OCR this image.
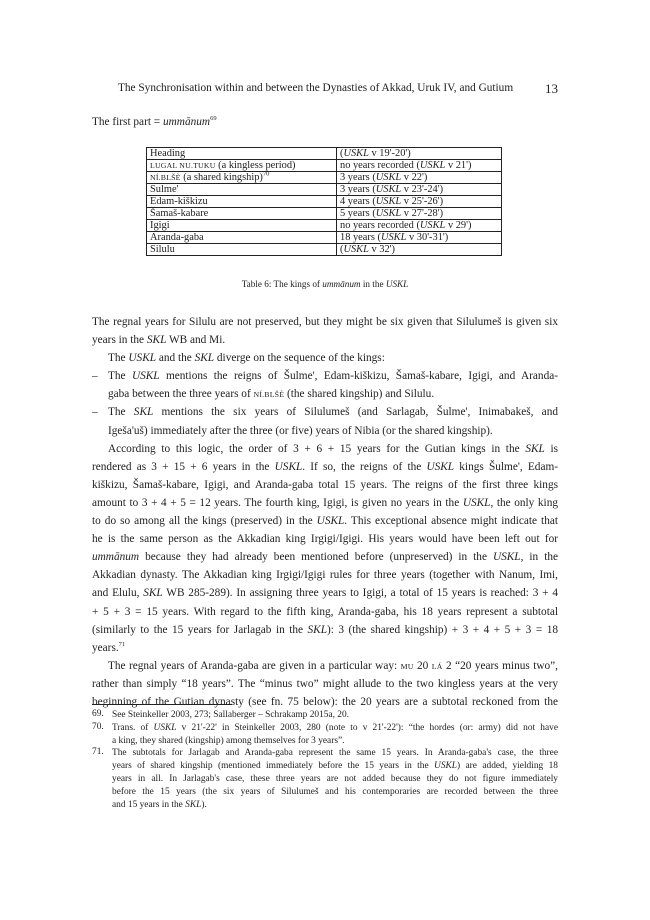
The Synchronisation within and between the Dynasties of Akkad, Uruk IV, and Gutium 13
The first part = ummānum$^{69}$
Heading	(USKL v 19'-20')
LUGAL NU.TUKU (a kingless period)	no years recorded (USKL v 21')
NÍ.BLŠÈ (a shared kingship)$^{70}$	3 years (USKL v 22')
Sulme'	3 years (USKL v 23'-24')
Edam-kiškizu	4 years (USKL v 25'-26')
Šamaš-kabare	5 years (USKL v 27'-28')
Igigi	no years recorded (USKL v 29')
Aranda-gaba	18 years (USKL v 30'-31')
Silulu	(USKL v 32')
Table 6: The kings of ummānum in the USKL
The regnal years for Silulu are not preserved, but they might be six given that Silulumeš is given six
years in the SKL WB and Mi.
The USKL and the SKL diverge on the sequence of the kings:
– The USKL mentions the reigns of Šulme', Edam-kiškizu, Šamaš-kabare, Igigi, and Aranda-
gaba between the three years of NÍ.BLŠÈ (the shared kingship) and Silulu.
– The SKL mentions the six years of Silulumeš (and Sarlagab, Šulme', Inimabakeš, and
Igeša'uš) immediately after the three (or five) years of Nibia (or the shared kingship).
According to this logic, the order of 3 + 6 + 15 years for the Gutian kings in the SKL is
rendered as 3 + 15 + 6 years in the USKL. If so, the reigns of the USKL kings Šulme', Edam-
kiškizu, Šamaš-kabare, Igigi, and Aranda-gaba total 15 years. The reigns of the first three kings
amount to 3 + 4 + 5 = 12 years. The fourth king, Igigi, is given no years in the USKL, the only king
to do so among all the kings (preserved) in the USKL. This exceptional absence might indicate that
he is the same person as the Akkadian king Irgigi/Igigi. His years would have been left out for
ummānum because they had already been mentioned before (unpreserved) in the USKL, in the
Akkadian dynasty. The Akkadian king Irgigi/Igigi rules for three years (together with Nanum, Imi,
and Elulu, SKL WB 285-289). In assigning three years to Igigi, a total of 15 years is reached: 3 + 4
+ 5 + 3 = 15 years. With regard to the fifth king, Aranda-gaba, his 18 years represent a subtotal
(similarly to the 15 years for Jarlagab in the SKL): 3 (the shared kingship) + 3 + 4 + 5 + 3 = 18
years.$^{71}$
The regnal years of Aranda-gaba are given in a particular way: MU 20 LÁ 2 “20 years minus two”,
rather than simply “18 years”. The “minus two” might allude to the two kingless years at the very
beginning of the Gutian dynasty (see fn. 75 below): the 20 years are a subtotal reckoned from the
69. See Steinkeller 2003, 273; Sallaberger – Schrakamp 2015a, 20.
70. Trans. of USKL v 21'-22' in Steinkeller 2003, 280 (note to v 21'-22'): “the hordes (or: army) did not have
a king, they shared (kingship) among themselves for 3 years”.
71. The subtotals for Jarlagab and Aranda-gaba represent the same 15 years. In Aranda-gaba's case, the three
years of shared kingship (mentioned immediately before the 15 years in the USKL) are added, yielding 18
years in all. In Jarlagab's case, these three years are not added because they do not figure immediately
before the 15 years (the six years of Silulumeš and his contemporaries are recorded between the three
and 15 years in the SKL).
